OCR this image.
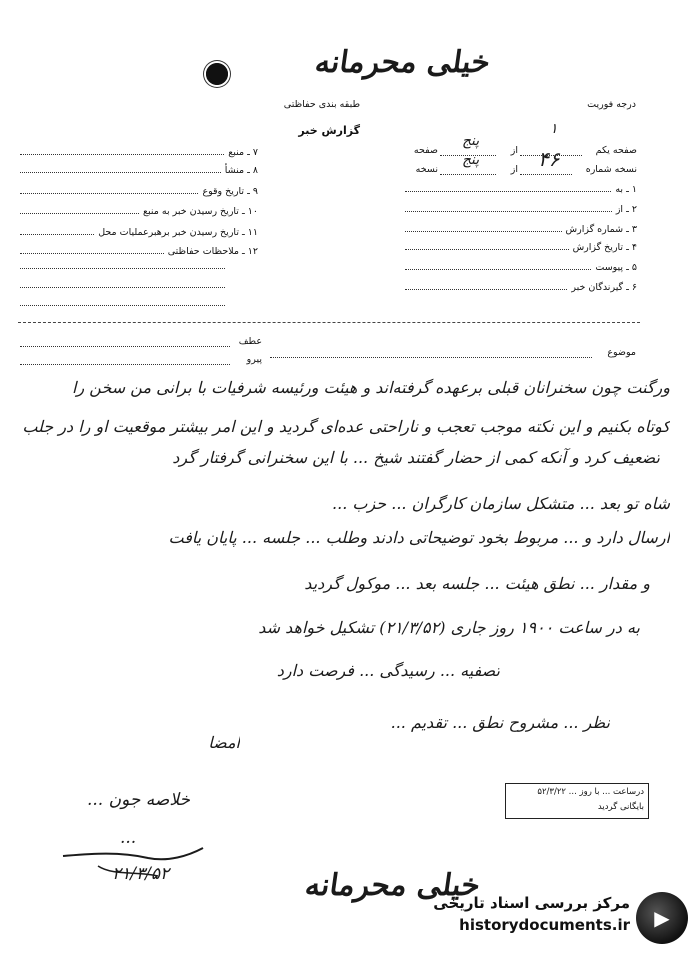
خیلی محرمانه
طبقه بندی حفاظتی
گزارش خبر
درجه فوریت
۷ ـ
منبع
۸ ـ
منشأ
۹ ـ
تاریخ وقوع
۱۰ ـ
تاریخ رسیدن خبر به منبع
۱۱ ـ
تاریخ رسیدن خبر برهبر‌عملیات محل
۱۲ ـ
ملاحظات حفاظتی
صفحه یکم
۱
از
پنج
صفحه
نسخه شماره
۴۶
از
پنج
نسخه
۱ ـ
به
۲ ـ
از
۳ ـ
شماره گزارش
۴ ـ
تاریخ گزارش
۵ ـ
پیوست
۶ ـ
گیرندگان خبر
موضوع
عطف
پیرو
ورگنت چون سخنرانان قبلی برعهده گرفته‌اند و هیئت ورئیسه شرفیات با برانی من سخن را
کوتاه بکنیم و این نکته موجب تعجب و ناراحتی عده‌ای گردید و این امر بیشتر موقعیت او را در جلب
تضعیف کرد و آنکه کمی از حضار گفتند شیخ ... با این سخنرانی گرفتار گرد
شاه تو بعد ... متشکل سازمان کارگران ... حزب ...
ارسال دارد و ... مربوط بخود توضیحاتی دادند وطلب ... جلسه ... پایان یافت
و مقدار ... نطق هیئت ... جلسه بعد ... موکول گردید
به در ساعت ۱۹۰۰ روز جاری (۲۱/۳/۵۲) تشکیل خواهد شد
تصفیه ... رسیدگی ... فرصت دارد
نظر ... مشروح نطق ... تقدیم ...
امضا
خلاصه جون ...
...
۲۱/۳/۵۲
درساعت ... با روز ... ۵۲/۳/۲۲
بایگانی گردید
خیلی محرمانه
مرکز بررسی اسناد تاریخی
historydocuments.ir	▶
